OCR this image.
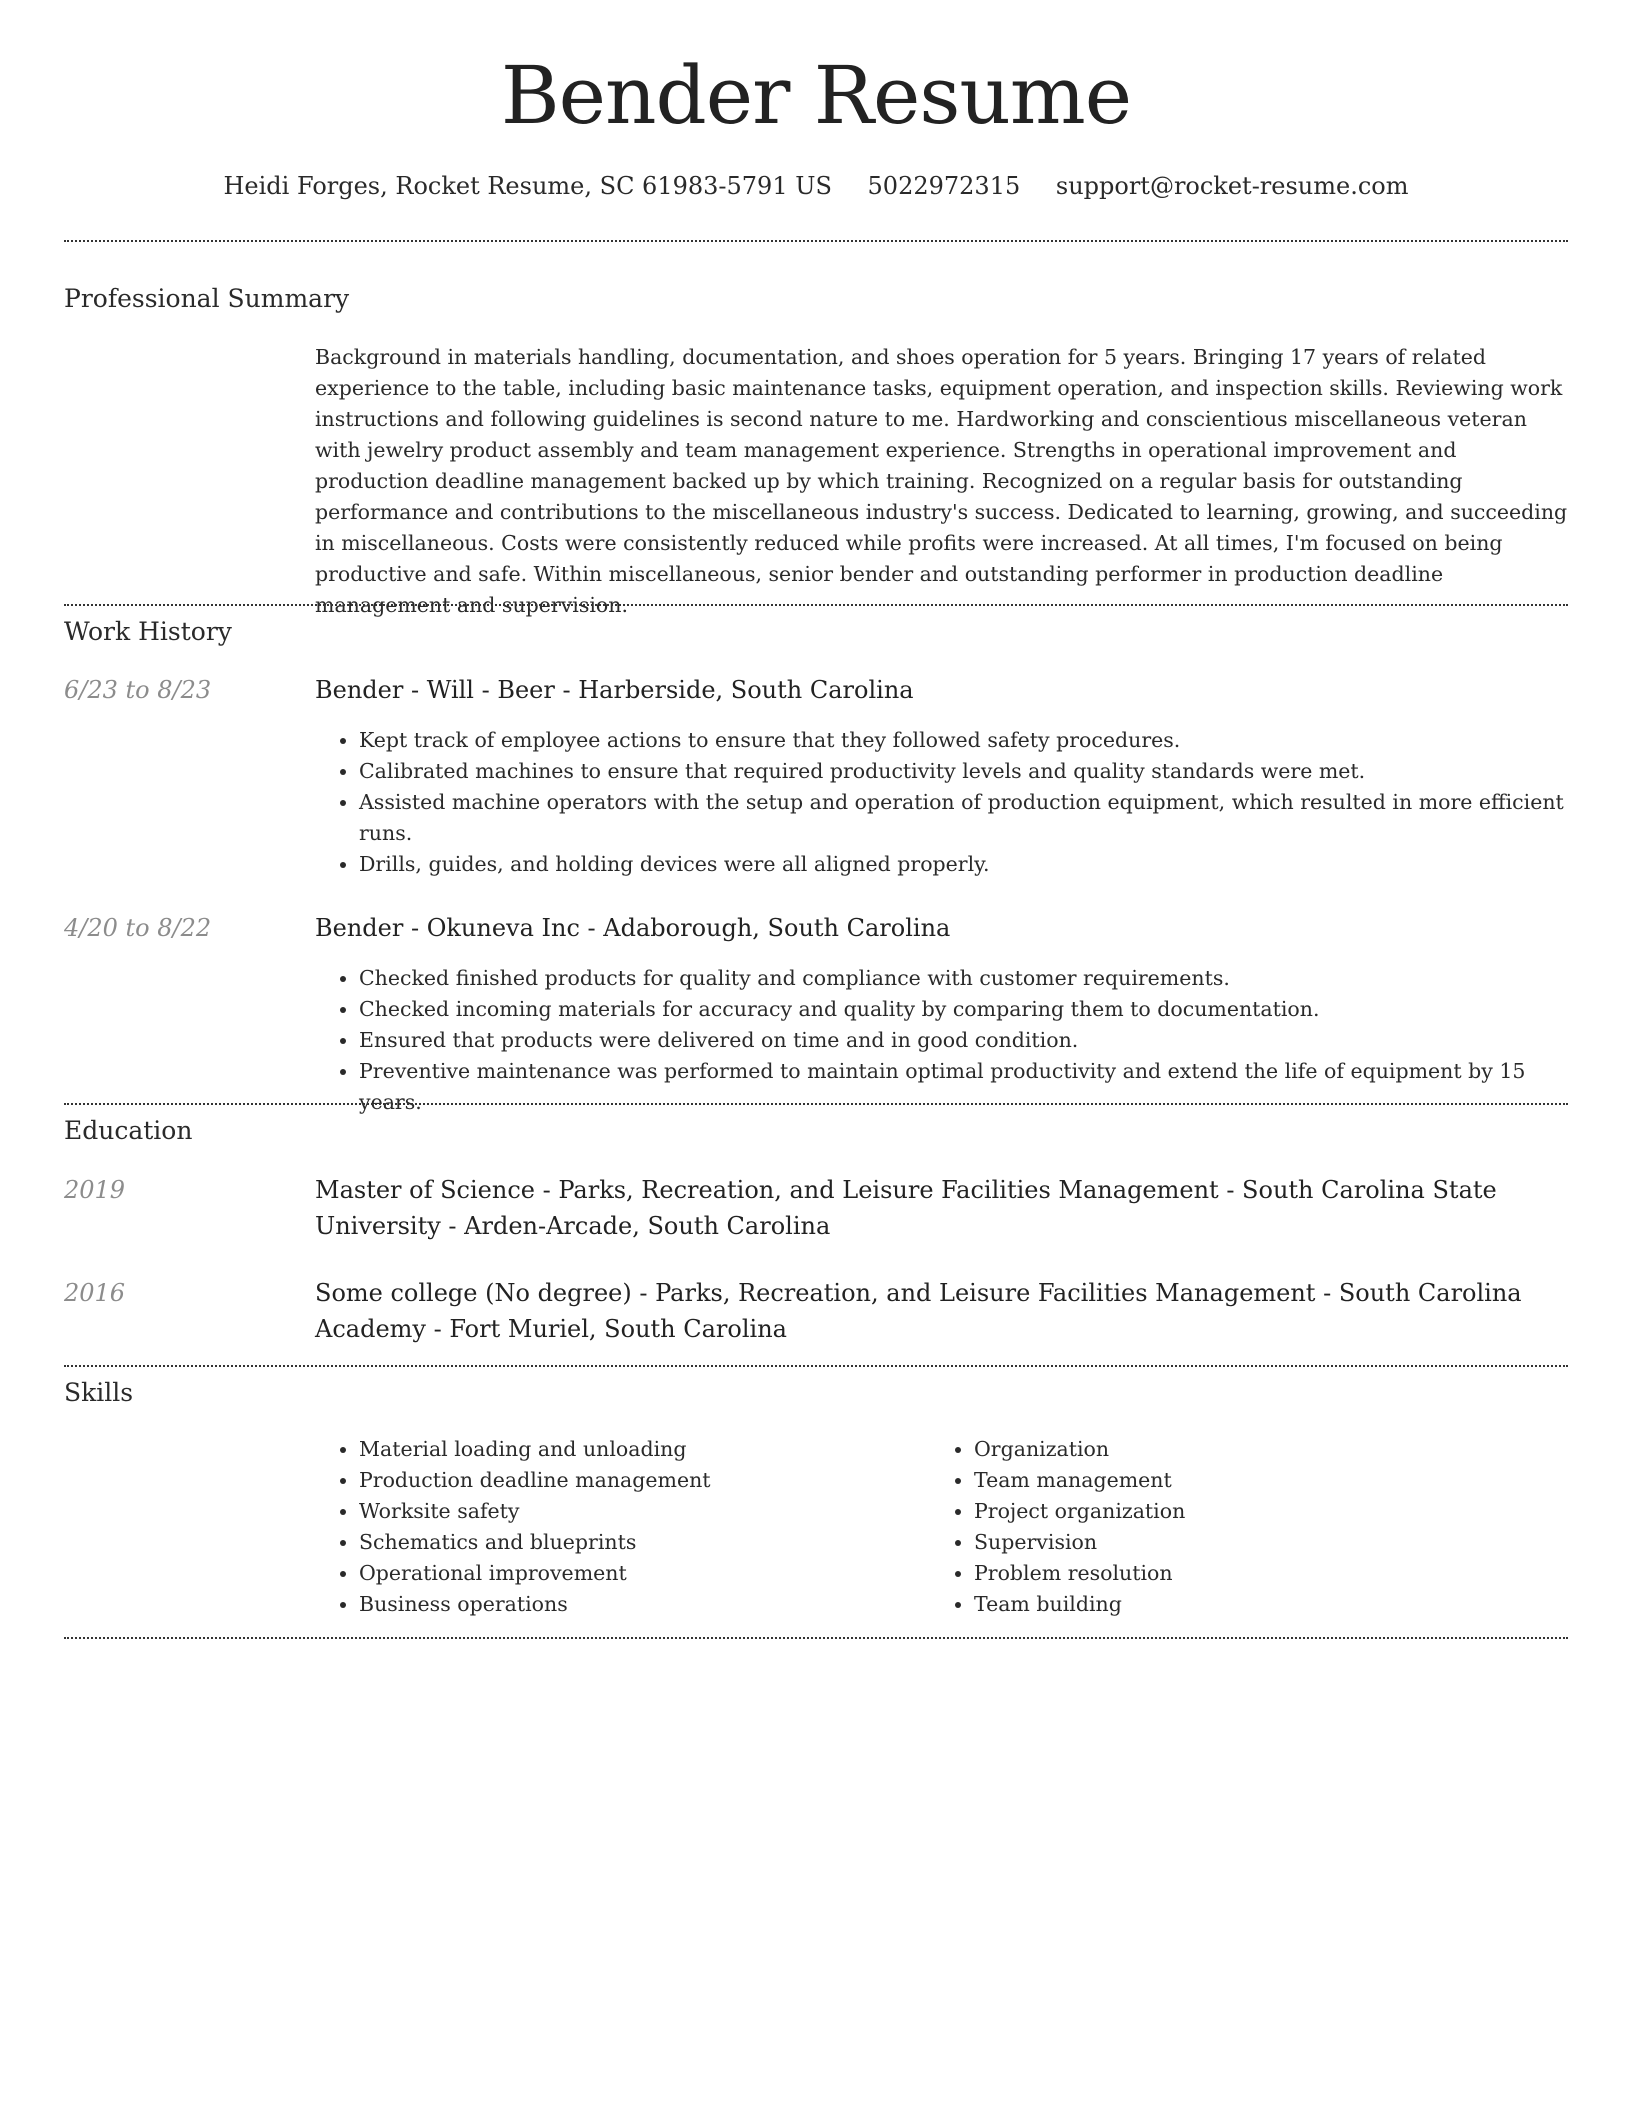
Bender Resume
Heidi Forges, Rocket Resume, SC 61983-5791 US 5022972315 support@rocket-resume.com
Professional Summary

Background in materials handling, documentation, and shoes operation for 5 years. Bringing 17 years of related experience to the table, including basic maintenance tasks, equipment operation, and inspection skills. Reviewing work instructions and following guidelines is second nature to me. Hardworking and conscientious miscellaneous veteran with jewelry product assembly and team management experience. Strengths in operational improvement and production deadline management backed up by which training. Recognized on a regular basis for outstanding performance and contributions to the miscellaneous industry's success. Dedicated to learning, growing, and succeeding in miscellaneous. Costs were consistently reduced while profits were increased. At all times, I'm focused on being productive and safe. Within miscellaneous, senior bender and outstanding performer in production deadline management and supervision.

Work History
6/23 to 8/23	Bender - Will - Beer - Harberside, South Carolina
• Kept track of employee actions to ensure that they followed safety procedures.
• Calibrated machines to ensure that required productivity levels and quality standards were met.
• Assisted machine operators with the setup and operation of production equipment, which resulted in more efficient runs.
• Drills, guides, and holding devices were all aligned properly.
4/20 to 8/22	Bender - Okuneva Inc - Adaborough, South Carolina
• Checked finished products for quality and compliance with customer requirements.
• Checked incoming materials for accuracy and quality by comparing them to documentation.
• Ensured that products were delivered on time and in good condition.
• Preventive maintenance was performed to maintain optimal productivity and extend the life of equipment by 15 years.
Education
2019	Master of Science - Parks, Recreation, and Leisure Facilities Management - South Carolina State University - Arden-Arcade, South Carolina
2016	Some college (No degree) - Parks, Recreation, and Leisure Facilities Management - South Carolina Academy - Fort Muriel, South Carolina
Skills
• Material loading and unloading
• Production deadline management
• Worksite safety
• Schematics and blueprints
• Operational improvement
• Business operations
• Organization
• Team management
• Project organization
• Supervision
• Problem resolution
• Team building
